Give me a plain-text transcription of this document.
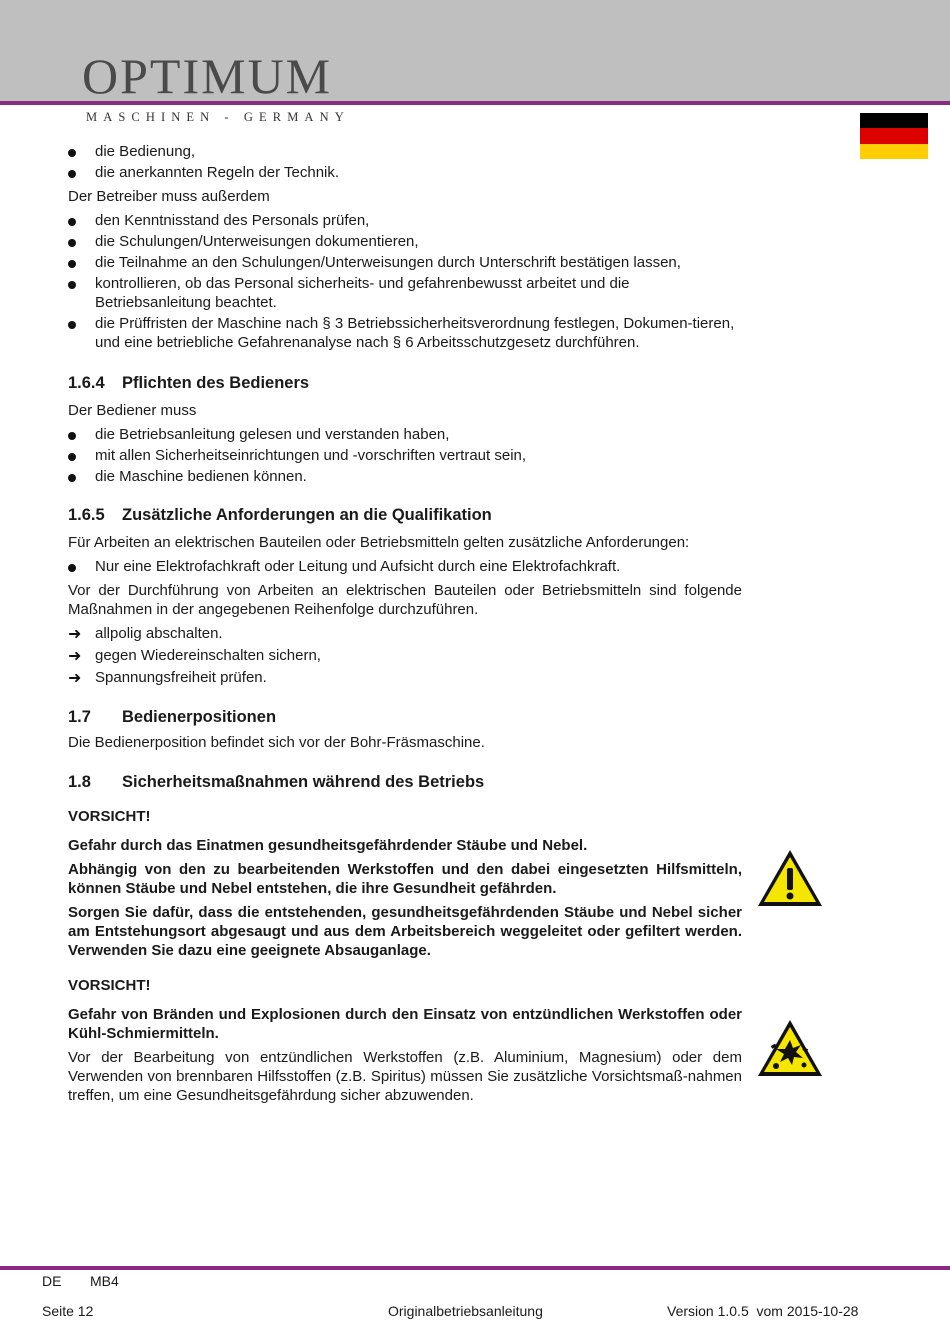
OPTIMUM
MASCHINEN - GERMANY
die Bedienung,
die anerkannten Regeln der Technik.

Der Betreiber muss außerdem

den Kenntnisstand des Personals prüfen,
die Schulungen/Unterweisungen dokumentieren,
die Teilnahme an den Schulungen/Unterweisungen durch Unterschrift bestätigen lassen,
kontrollieren, ob das Personal sicherheits- und gefahrenbewusst arbeitet und die Betriebsanleitung beachtet.
die Prüffristen der Maschine nach § 3 Betriebssicherheitsverordnung festlegen, Dokumen-tieren, und eine betriebliche Gefahrenanalyse nach § 6 Arbeitsschutzgesetz durchführen.
1.6.4 Pflichten des Bedieners

Der Bediener muss

die Betriebsanleitung gelesen und verstanden haben,
mit allen Sicherheitseinrichtungen und -vorschriften vertraut sein,
die Maschine bedienen können.
1.6.5 Zusätzliche Anforderungen an die Qualifikation

Für Arbeiten an elektrischen Bauteilen oder Betriebsmitteln gelten zusätzliche Anforderungen:

Nur eine Elektrofachkraft oder Leitung und Aufsicht durch eine Elektrofachkraft.

Vor der Durchführung von Arbeiten an elektrischen Bauteilen oder Betriebsmitteln sind folgende Maßnahmen in der angegebenen Reihenfolge durchzuführen.

➜ allpolig abschalten.
➜ gegen Wiedereinschalten sichern,
➜ Spannungsfreiheit prüfen.
1.7 Bedienerpositionen

Die Bedienerposition befindet sich vor der Bohr-Fräsmaschine.

1.8 Sicherheitsmaßnahmen während des Betriebs

VORSICHT!

Gefahr durch das Einatmen gesundheitsgefährdender Stäube und Nebel.

Abhängig von den zu bearbeitenden Werkstoffen und den dabei eingesetzten Hilfsmitteln, können Stäube und Nebel entstehen, die ihre Gesundheit gefährden.

Sorgen Sie dafür, dass die entstehenden, gesundheitsgefährdenden Stäube und Nebel sicher am Entstehungsort abgesaugt und aus dem Arbeitsbereich weggeleitet oder gefiltert werden. Verwenden Sie dazu eine geeignete Absauganlage.

VORSICHT!

Gefahr von Bränden und Explosionen durch den Einsatz von entzündlichen Werkstoffen oder Kühl-Schmiermitteln.

Vor der Bearbeitung von entzündlichen Werkstoffen (z.B. Aluminium, Magnesium) oder dem Verwenden von brennbaren Hilfsstoffen (z.B. Spiritus) müssen Sie zusätzliche Vorsichtsmaß-nahmen treffen, um eine Gesundheitsgefährdung sicher abzuwenden.

DE MB4
Seite 12	Originalbetriebsanleitung	Version 1.0.5  vom 2015-10-28
